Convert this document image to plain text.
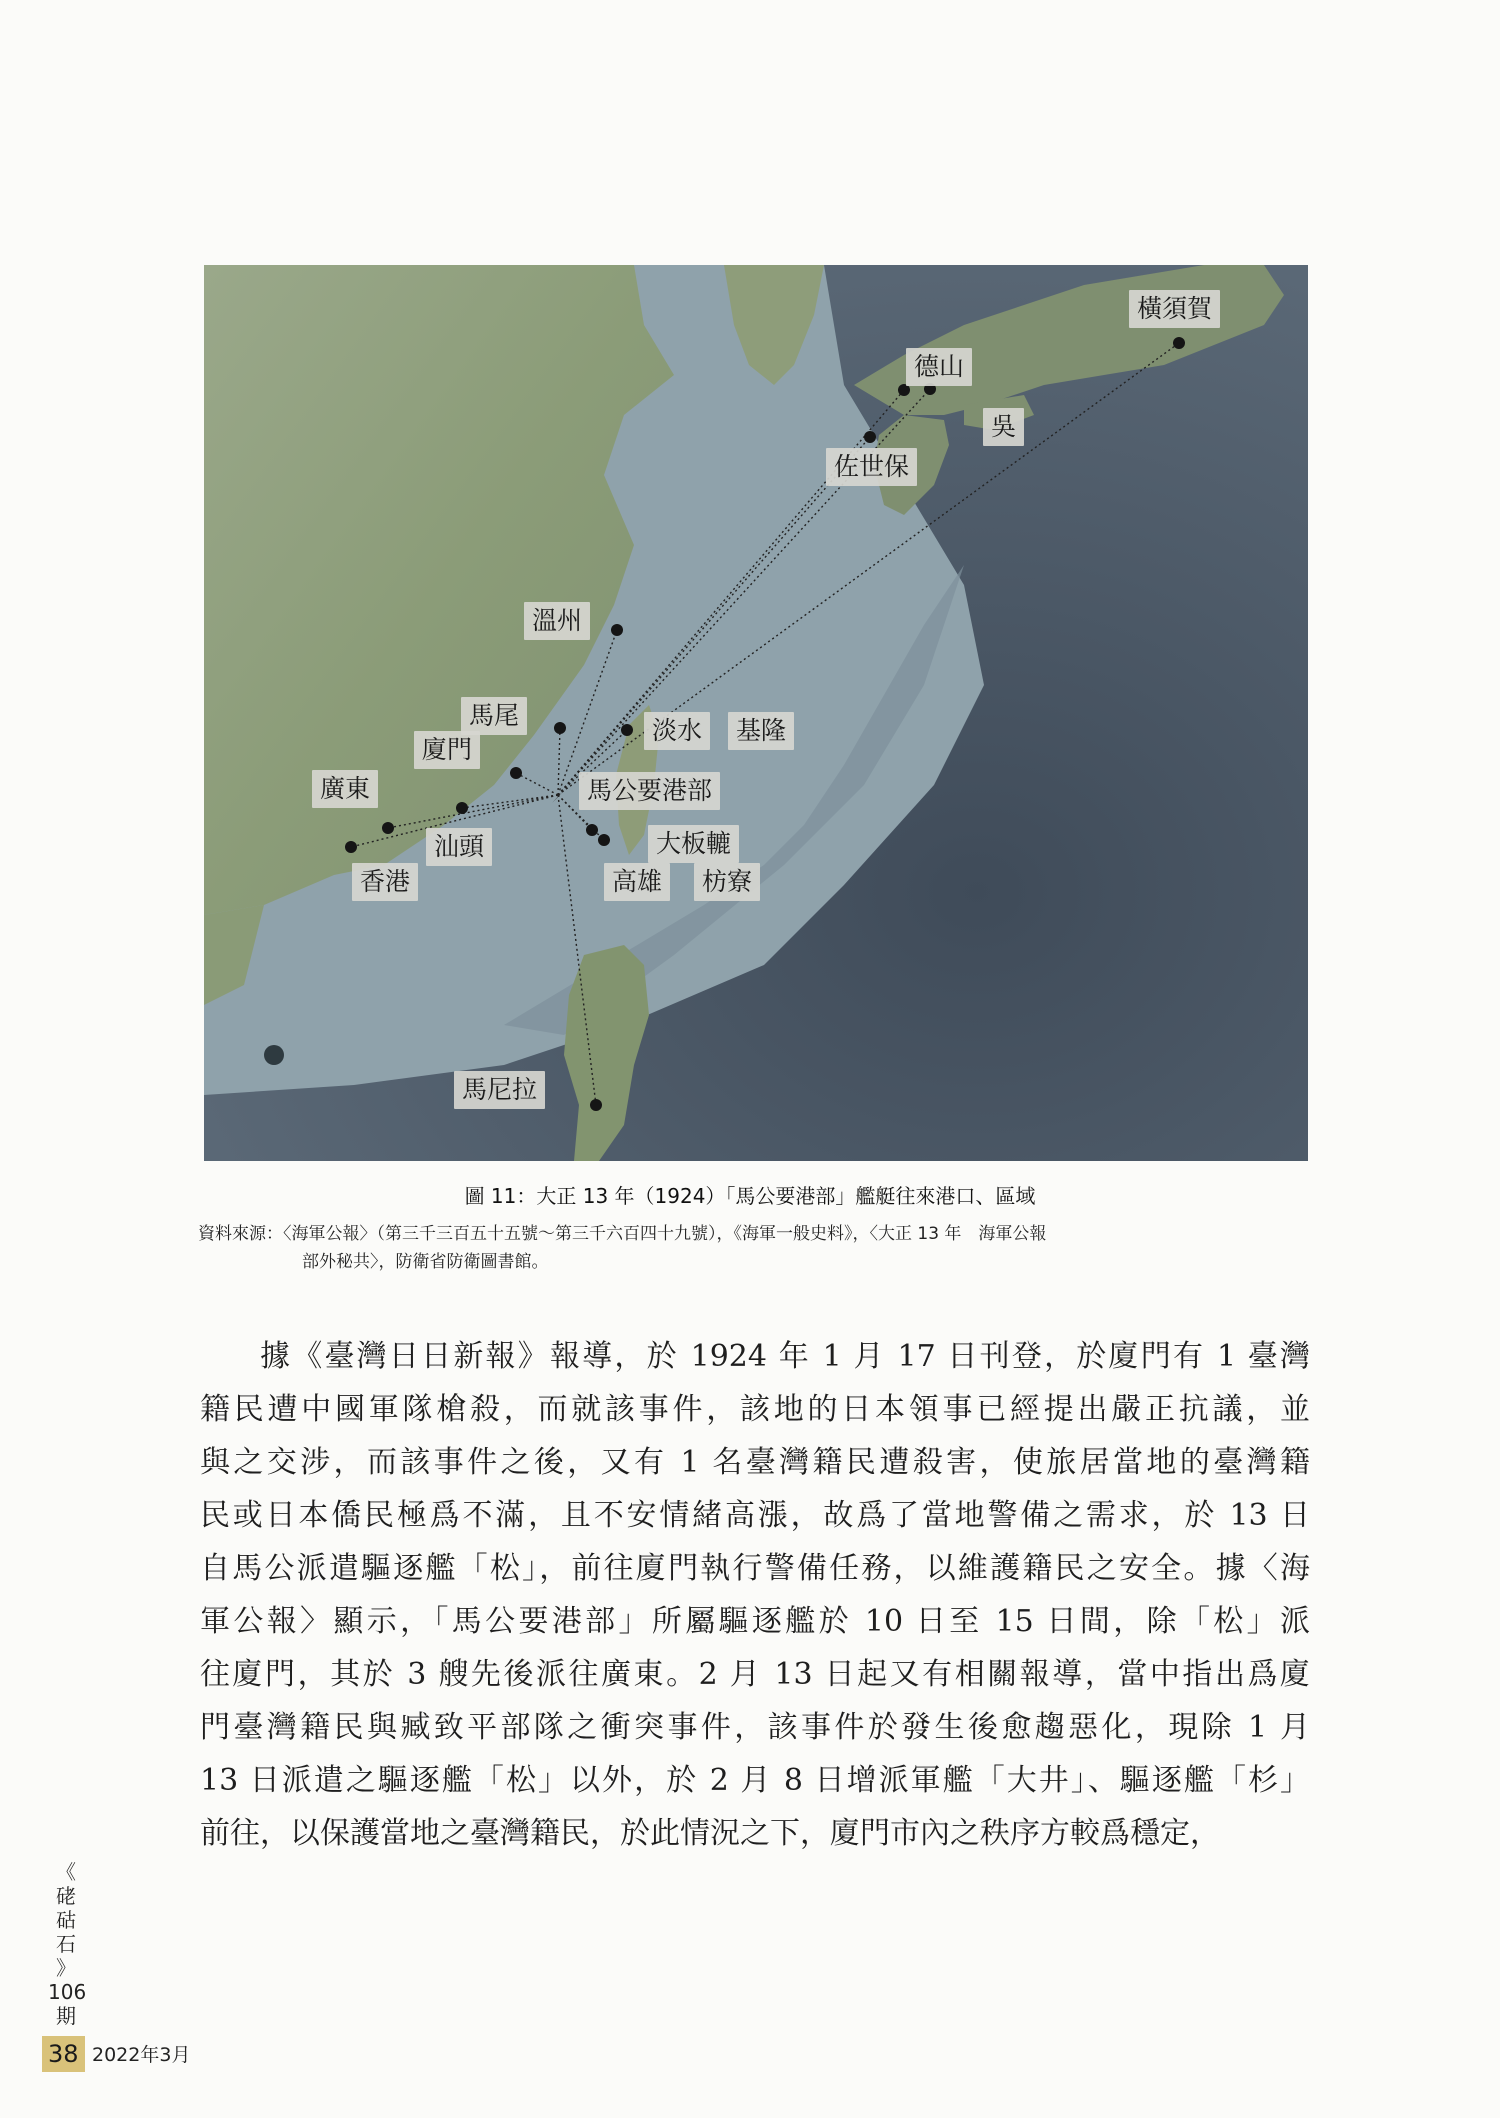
橫須賀
德山
吳
佐世保
溫州
馬尾
淡水	基隆
廈門
馬公要港部
廣東
汕頭
香港	高雄	枋寮
大板轆
馬尼拉
圖 11：大正 13 年（1924）「馬公要港部」艦艇往來港口、區域
資料來源：〈海軍公報〉（第三千三百五十五號～第三千六百四十九號），《海軍一般史料》，〈大正 13 年　海軍公報
部外秘共〉，防衛省防衛圖書館。
據《臺灣日日新報》報導，於 1924 年 1 月 17 日刊登，於廈門有 1 臺灣
籍民遭中國軍隊槍殺，而就該事件，該地的日本領事已經提出嚴正抗議，並
與之交涉，而該事件之後，又有 1 名臺灣籍民遭殺害，使旅居當地的臺灣籍
民或日本僑民極爲不滿，且不安情緒高漲，故爲了當地警備之需求，於 13 日
自馬公派遣驅逐艦「松」，前往廈門執行警備任務，以維護籍民之安全。據〈海
軍公報〉顯示，「馬公要港部」所屬驅逐艦於 10 日至 15 日間，除「松」派
往廈門，其於 3 艘先後派往廣東。2 月 13 日起又有相關報導，當中指出爲廈
門臺灣籍民與臧致平部隊之衝突事件，該事件於發生後愈趨惡化，現除 1 月
13 日派遣之驅逐艦「松」以外，於 2 月 8 日增派軍艦「大井」、驅逐艦「杉」
前往，以保護當地之臺灣籍民，於此情況之下，廈門市內之秩序方較爲穩定，
《
硓
𥑮
石
》
106
期
38 2022年3月
